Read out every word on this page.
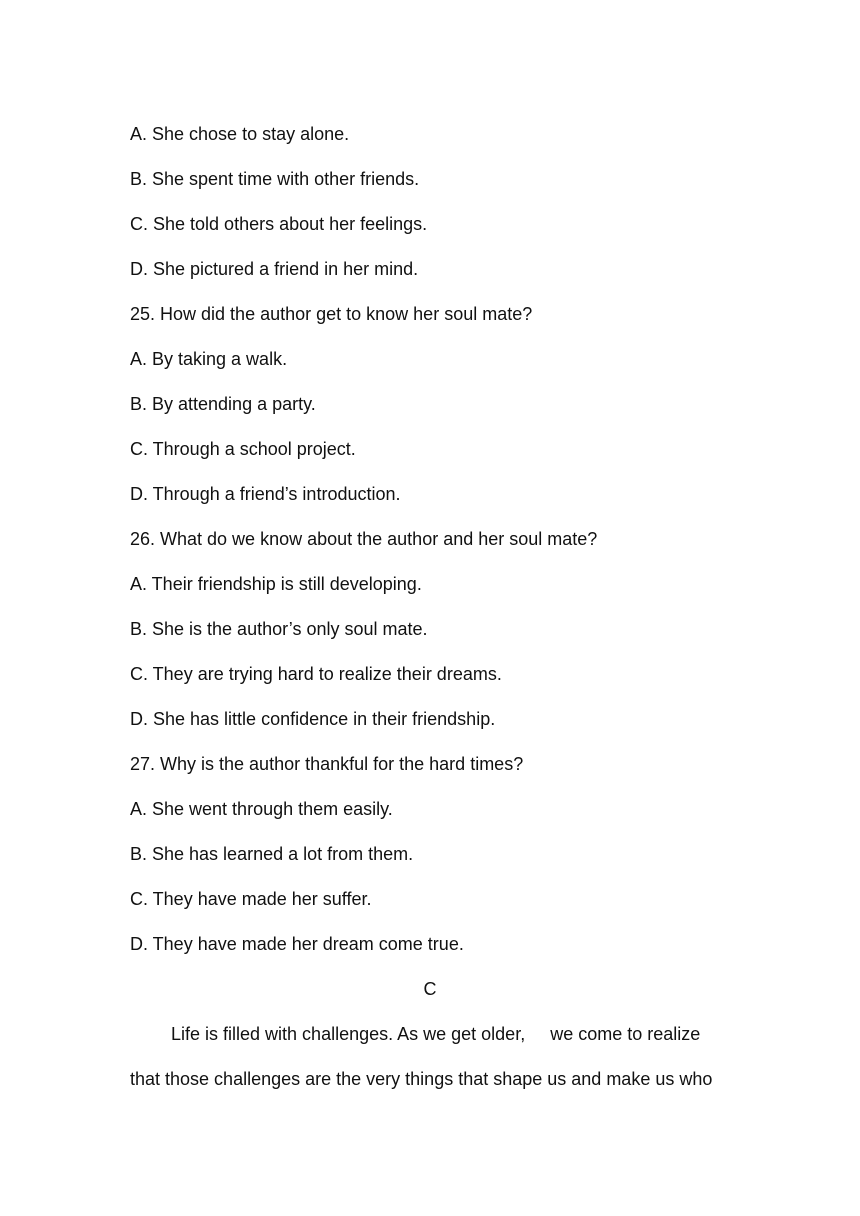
A. She chose to stay alone.
B. She spent time with other friends.
C. She told others about her feelings.
D. She pictured a friend in her mind.
25. How did the author get to know her soul mate?
A. By taking a walk.
B. By attending a party.
C. Through a school project.
D. Through a friend’s introduction.
26. What do we know about the author and her soul mate?
A. Their friendship is still developing.
B. She is the author’s only soul mate.
C. They are trying hard to realize their dreams.
D. She has little confidence in their friendship.
27. Why is the author thankful for the hard times?
A. She went through them easily.
B. She has learned a lot from them.
C. They have made her suffer.
D. They have made her dream come true.
C
Life is filled with challenges. As we get older,     we come to realize
that those challenges are the very things that shape us and make us who
